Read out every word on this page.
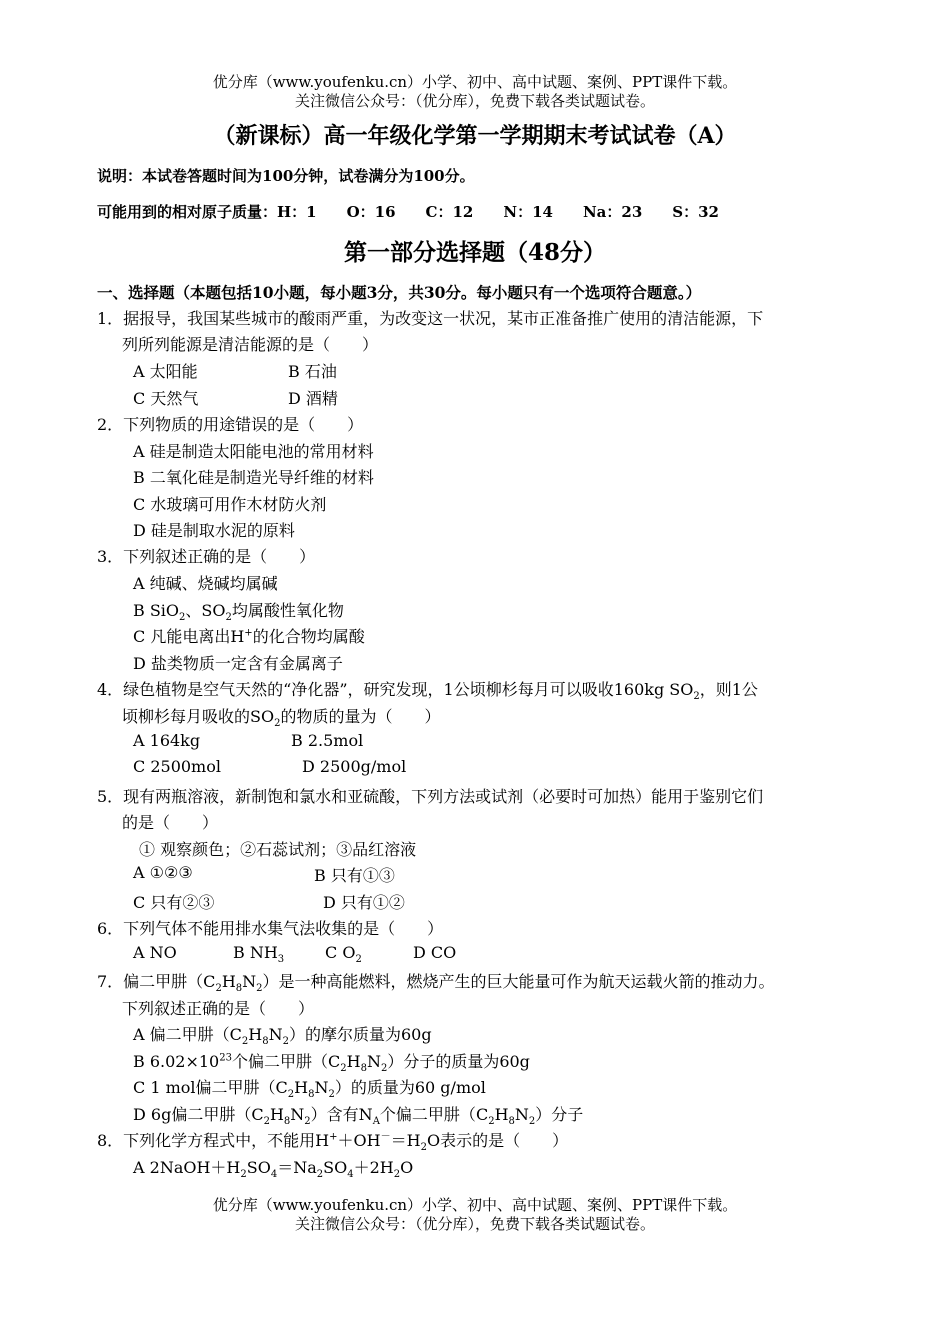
优分库（www.youfenku.cn）小学、初中、高中试题、案例、PPT课件下载。
关注微信公众号：（优分库），免费下载各类试题试卷。
（新课标）高一年级化学第一学期期末考试试卷（A）
说明：本试卷答题时间为100分钟，试卷满分为100分。
可能用到的相对原子质量：H：1　　O：16　　C：12　　N：14　　Na：23　　S：32
第一部分选择题（48分）
一、选择题（本题包括10小题，每小题3分，共30分。每小题只有一个选项符合题意。）
1．据报导，我国某些城市的酸雨严重，为改变这一状况，某市正准备推广使用的清洁能源，下
列所列能源是清洁能源的是（　　）
A 太阳能	B 石油
C 天然气	D 酒精
2．下列物质的用途错误的是（　　）
A 硅是制造太阳能电池的常用材料
B 二氧化硅是制造光导纤维的材料
C 水玻璃可用作木材防火剂
D 硅是制取水泥的原料
3．下列叙述正确的是（　　）
A 纯碱、烧碱均属碱
B SiO$_2$、$SO_2$均属酸性氧化物
C 凡能电离出H+的化合物均属酸
D 盐类物质一定含有金属离子
4．绿色植物是空气天然的“净化器”，研究发现，1公顷柳杉每月可以吸收160kg $SO_2$，则1公
顷柳杉每月吸收的$SO_2$的物质的量为（　　）
A 164kg	B 2.5mol
C 2500mol	D 2500g/mol
5．现有两瓶溶液，新制饱和氯水和亚硫酸，下列方法或试剂（必要时可加热）能用于鉴别它们
的是（　　）
① 观察颜色；②石蕊试剂；③品红溶液
A ①②③	B 只有①③
C 只有②③	D 只有①②
6．下列气体不能用排水集气法收集的是（　　）
A NO	B $NH_3$	C $O_2$	D CO
7．偏二甲肼$(C_2H_8N_2)$是一种高能燃料，燃烧产生的巨大能量可作为航天运载火箭的推动力。
下列叙述正确的是（　　）
A 偏二甲肼$(C_2H_8N_2)$的摩尔质量为60g
B $6.02\times 10^{23}$个偏二甲肼$(C_2H_8N_2)$分子的质量为60g
C 1 mol偏二甲肼$(C_2H_8N_2)$的质量为60 g/mol
D 6g偏二甲肼$(C_2H_8N_2)$含有$N_A$个偏二甲肼$(C_2H_8N_2)$分子
8．下列化学方程式中，不能用$H^++OH^-=H_2O$表示的是（　　）
A $2NaOH+H_2SO_4=Na_2SO_4+2H_2O$
优分库（www.youfenku.cn）小学、初中、高中试题、案例、PPT课件下载。
关注微信公众号：（优分库），免费下载各类试题试卷。
